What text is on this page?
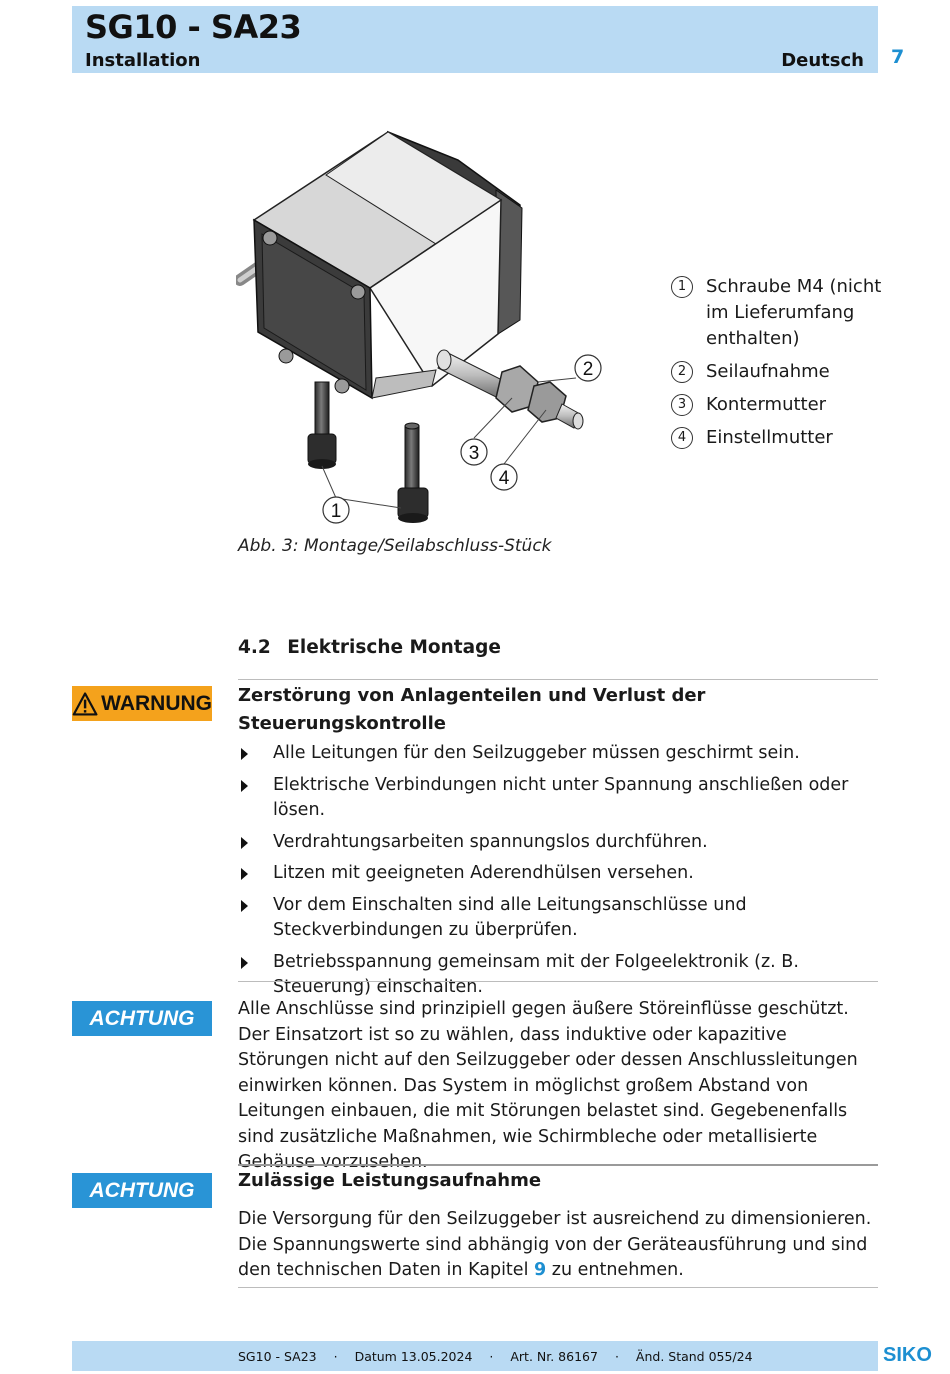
SG10 - SA23
Installation	Deutsch 7
1
2
3
4
1	Schraube M4 (nicht im Lieferumfang enthalten)
2	Seilaufnahme
3	Kontermutter
4	Einstellmutter
Abb. 3: Montage/Seilabschluss-Stück
4.2 Elektrische Montage
WARNUNG Zerstörung von Anlagenteilen und Verlust der Steuerungskontrolle
Alle Leitungen für den Seilzuggeber müssen geschirmt sein.
Elektrische Verbindungen nicht unter Spannung anschließen oder lösen.
Verdrahtungsarbeiten spannungslos durchführen.
Litzen mit geeigneten Aderendhülsen versehen.
Vor dem Einschalten sind alle Leitungsanschlüsse und Steckverbindungen zu überprüfen.
Betriebsspannung gemeinsam mit der Folgeelektronik (z. B. Steuerung) einschalten.
ACHTUNG	Alle Anschlüsse sind prinzipiell gegen äußere Störeinflüsse geschützt. Der Einsatzort ist so zu wählen, dass induktive oder kapazitive Störungen nicht auf den Seilzuggeber oder dessen Anschlussleitungen einwirken können. Das System in möglichst großem Abstand von Leitungen einbauen, die mit Störungen belastet sind. Gegebenenfalls sind zusätzliche Maßnahmen, wie Schirmbleche oder metallisierte Gehäuse vorzusehen.
ACHTUNG	Zulässige Leistungsaufnahme
Die Versorgung für den Seilzuggeber ist ausreichend zu dimensionieren. Die Spannungswerte sind abhängig von der Geräteausführung und sind den technischen Daten in Kapitel 9 zu entnehmen.
SG10 - SA23 · Datum 13.05.2024 · Art. Nr. 86167 · Änd. Stand 055/24	SIKO
